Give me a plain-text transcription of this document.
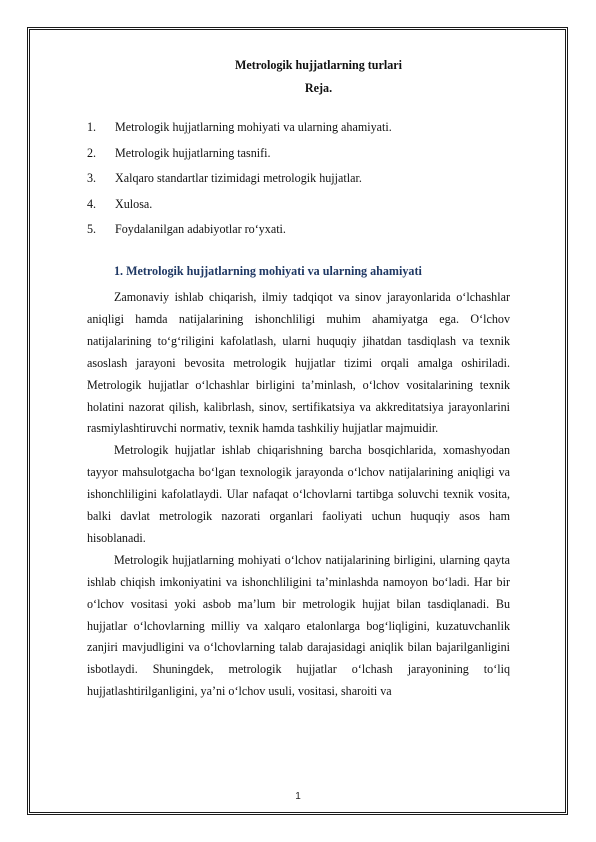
Metrologik hujjatlarning turlari
Reja.
1.	Metrologik hujjatlarning mohiyati va ularning ahamiyati.
2.	Metrologik hujjatlarning tasnifi.
3.	Xalqaro standartlar tizimidagi metrologik hujjatlar.
4.	Xulosa.
5.	Foydalanilgan adabiyotlar ro‘yxati.
1. Metrologik hujjatlarning mohiyati va ularning ahamiyati

Zamonaviy ishlab chiqarish, ilmiy tadqiqot va sinov jarayonlarida o‘lchashlar aniqligi hamda natijalarining ishonchliligi muhim ahamiyatga ega. O‘lchov natijalarining to‘g‘riligini kafolatlash, ularni huquqiy jihatdan tasdiqlash va texnik asoslash jarayoni bevosita metrologik hujjatlar tizimi orqali amalga oshiriladi. Metrologik hujjatlar o‘lchashlar birligini ta’minlash, o‘lchov vositalarining texnik holatini nazorat qilish, kalibrlash, sinov, sertifikatsiya va akkreditatsiya jarayonlarini rasmiylashtiruvchi normativ, texnik hamda tashkiliy hujjatlar majmuidir.

Metrologik hujjatlar ishlab chiqarishning barcha bosqichlarida, xomashyodan tayyor mahsulotgacha bo‘lgan texnologik jarayonda o‘lchov natijalarining aniqligi va ishonchliligini kafolatlaydi. Ular nafaqat o‘lchovlarni tartibga soluvchi texnik vosita, balki davlat metrologik nazorati organlari faoliyati uchun huquqiy asos ham hisoblanadi.

Metrologik hujjatlarning mohiyati o‘lchov natijalarining birligini, ularning qayta ishlab chiqish imkoniyatini va ishonchliligini ta’minlashda namoyon bo‘ladi. Har bir o‘lchov vositasi yoki asbob ma’lum bir metrologik hujjat bilan tasdiqlanadi. Bu hujjatlar o‘lchovlarning milliy va xalqaro etalonlarga bog‘liqligini, kuzatuvchanlik zanjiri mavjudligini va o‘lchovlarning talab darajasidagi aniqlik bilan bajarilganligini isbotlaydi. Shuningdek, metrologik hujjatlar o‘lchash jarayonining to‘liq hujjatlashtirilganligini, ya’ni o‘lchov usuli, vositasi, sharoiti va

1
